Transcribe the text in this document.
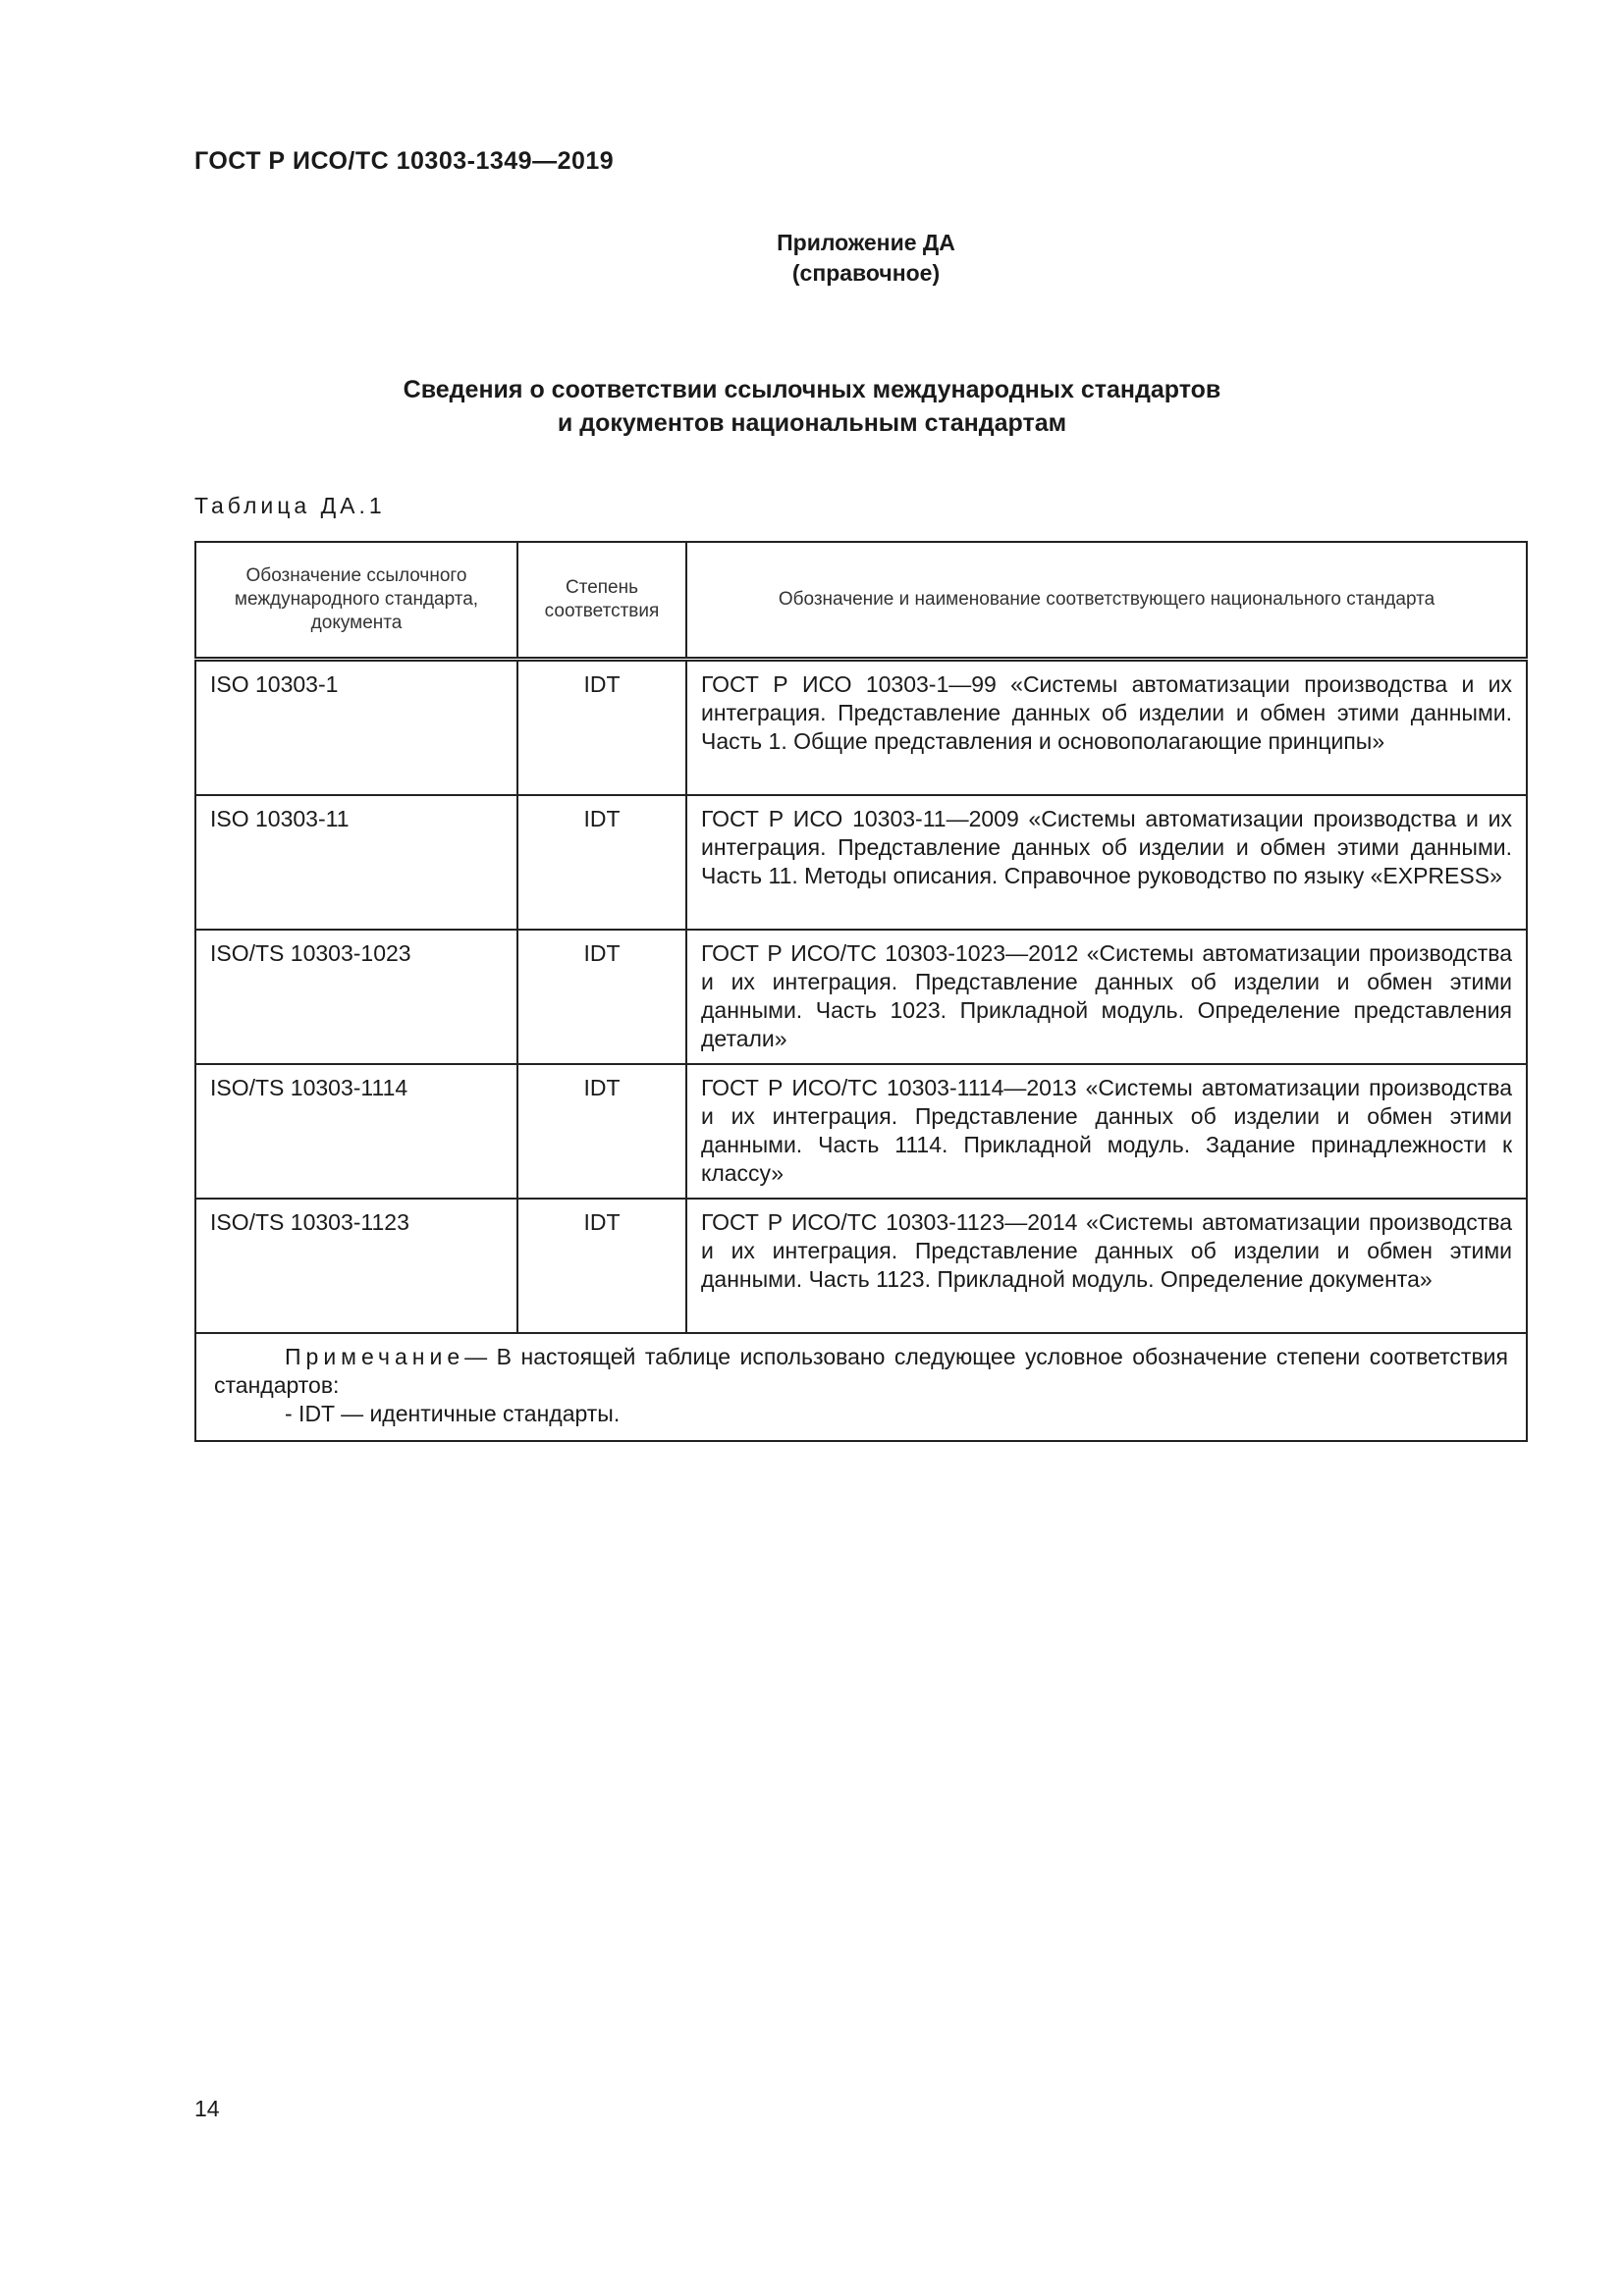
ГОСТ Р ИСО/ТС 10303-1349—2019
Приложение ДА
(справочное)
Сведения о соответствии ссылочных международных стандартов
и документов национальным стандартам
Таблица ДА.1
Обозначение ссылочного международного стандарта, документа	Степень соответствия	Обозначение и наименование соответствующего национального стандарта
ISO 10303-1	IDT	ГОСТ Р ИСО 10303-1—99 «Системы автоматизации производства и их интеграция. Представление данных об изделии и обмен этими данными. Часть 1. Общие представления и основополагающие принципы»
ISO 10303-11	IDT	ГОСТ Р ИСО 10303-11—2009 «Системы автоматизации производства и их интеграция. Представление данных об изделии и обмен этими данными. Часть 11. Методы описания. Справочное руководство по языку «EXPRESS»
ISO/TS 10303-1023	IDT	ГОСТ Р ИСО/ТС 10303-1023—2012 «Системы автоматизации производства и их интеграция. Представление данных об изделии и обмен этими данными. Часть 1023. Прикладной модуль. Определение представления детали»
ISO/TS 10303-1114	IDT	ГОСТ Р ИСО/ТС 10303-1114—2013 «Системы автоматизации производства и их интеграция. Представление данных об изделии и обмен этими данными. Часть 1114. Прикладной модуль. Задание принадлежности к классу»
ISO/TS 10303-1123	IDT	ГОСТ Р ИСО/ТС 10303-1123—2014 «Системы автоматизации производства и их интеграция. Представление данных об изделии и обмен этими данными. Часть 1123. Прикладной модуль. Определение документа»

Примечание— В настоящей таблице использовано следующее условное обозначение степени соответствия стандартов:
- IDT — идентичные стандарты.		
14
